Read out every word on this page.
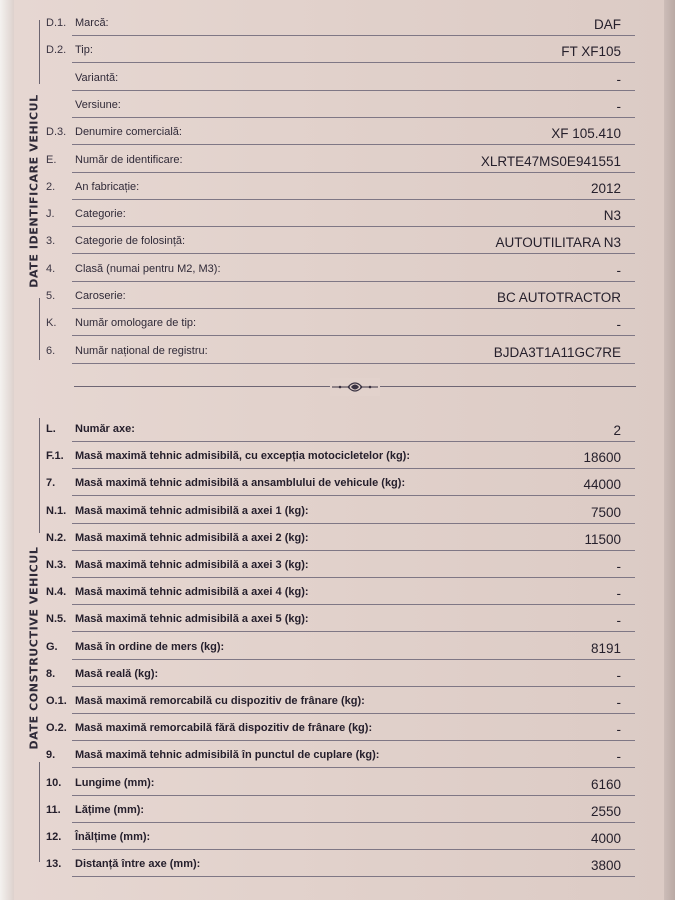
DATE IDENTIFICARE VEHICUL
DATE CONSTRUCTIVE VEHICUL
D.1. Marcă:	DAF
D.2. Tip:	FT XF105
Variantă:	-
Versiune:	-
D.3. Denumire comercială:	XF 105.410
E. Număr de identificare:	XLRTE47MS0E941551
2. An fabricație:	2012
J. Categorie:	N3
3. Categorie de folosință:	AUTOUTILITARA N3
4. Clasă (numai pentru M2, M3):	-
5. Caroserie:	BC AUTOTRACTOR
K. Număr omologare de tip:	-
6. Număr național de registru:	BJDA3T1A11GC7RE
L. Număr axe:	2
F.1. Masă maximă tehnic admisibilă, cu excepția motocicletelor (kg):	18600
7. Masă maximă tehnic admisibilă a ansamblului de vehicule (kg):	44000
N.1. Masă maximă tehnic admisibilă a axei 1 (kg):	7500
N.2. Masă maximă tehnic admisibilă a axei 2 (kg):	11500
N.3. Masă maximă tehnic admisibilă a axei 3 (kg):	-
N.4. Masă maximă tehnic admisibilă a axei 4 (kg):	-
N.5. Masă maximă tehnic admisibilă a axei 5 (kg):	-
G. Masă în ordine de mers (kg):	8191
8. Masă reală (kg):	-
O.1. Masă maximă remorcabilă cu dispozitiv de frânare (kg):	-
O.2. Masă maximă remorcabilă fără dispozitiv de frânare (kg):	-
9. Masă maximă tehnic admisibilă în punctul de cuplare (kg):	-
10. Lungime (mm):	6160
11. Lățime (mm):	2550
12. Înălțime (mm):	4000
13. Distanță între axe (mm):	3800
